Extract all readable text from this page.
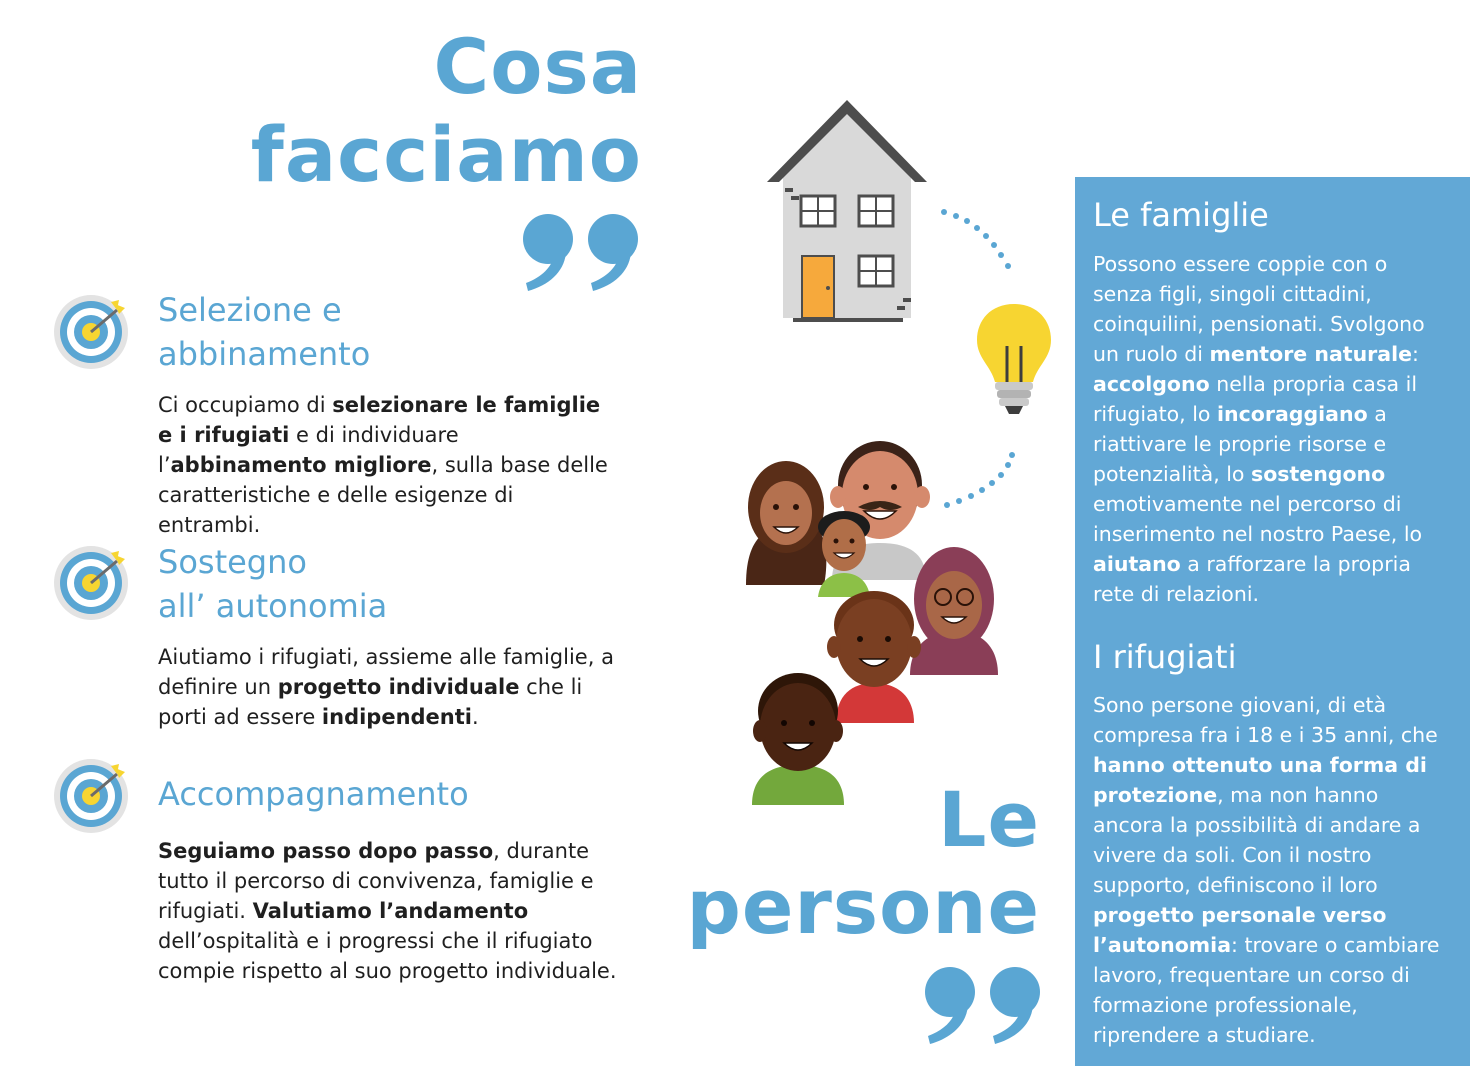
Cosa
facciamo
Selezione e
abbinamento
Ci occupiamo di selezionare le famiglie e i rifugiati e di individuare l’abbinamento migliore, sulla base delle caratteristiche e delle esigenze di entrambi.
Sostegno
all’ autonomia
Aiutiamo i rifugiati, assieme alle famiglie, a definire un progetto individuale che li porti ad essere indipendenti.
Accompagnamento
Seguiamo passo dopo passo, durante tutto il percorso di convivenza, famiglie e rifugiati. Valutiamo l’andamento dell’ospitalità e i progressi che il rifugiato compie rispetto al suo progetto individuale.
Le
persone
Le famiglie
Possono essere coppie con o senza figli, singoli cittadini, coinquilini, pensionati. Svolgono un ruolo di mentore naturale: accolgono nella propria casa il rifugiato, lo incoraggiano a riattivare le proprie risorse e potenzialità, lo sostengono emotivamente nel percorso di inserimento nel nostro Paese, lo aiutano a rafforzare la propria rete di relazioni.
I rifugiati
Sono persone giovani, di età compresa fra i 18 e i 35 anni, che hanno ottenuto una forma di protezione, ma non hanno ancora la possibilità di andare a vivere da soli. Con il nostro supporto, definiscono il loro progetto personale verso l’autonomia: trovare o cambiare lavoro, frequentare un corso di formazione professionale, riprendere a studiare.
